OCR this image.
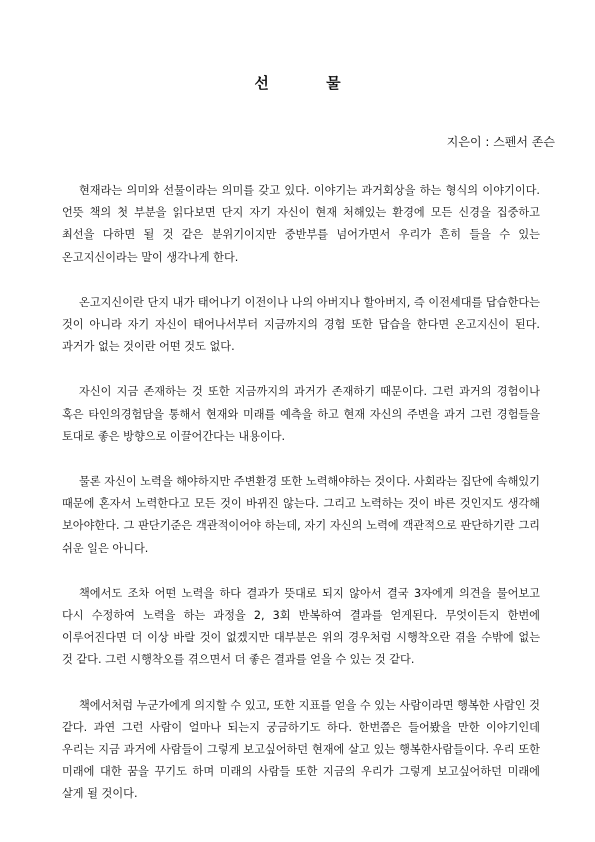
선 물

지은이 : 스펜서 존슨

현재라는 의미와 선물이라는 의미를 갖고 있다. 이야기는 과거회상을 하는 형식의 이야기이다. 언뜻 책의 첫 부분을 읽다보면 단지 자기 자신이 현재 처해있는 환경에 모든 신경을 집중하고 최선을 다하면 될 것 같은 분위기이지만 중반부를 넘어가면서 우리가 흔히 들을 수 있는 온고지신이라는 말이 생각나게 한다.

온고지신이란 단지 내가 태어나기 이전이나 나의 아버지나 할아버지, 즉 이전세대를 답습한다는 것이 아니라 자기 자신이 태어나서부터 지금까지의 경험 또한 답습을 한다면 온고지신이 된다. 과거가 없는 것이란 어떤 것도 없다.

자신이 지금 존재하는 것 또한 지금까지의 과거가 존재하기 때문이다. 그런 과거의 경험이나 혹은 타인의경험담을 통해서 현재와 미래를 예측을 하고 현재 자신의 주변을 과거 그런 경험들을 토대로 좋은 방향으로 이끌어간다는 내용이다.

물론 자신이 노력을 해야하지만 주변환경 또한 노력해야하는 것이다. 사회라는 집단에 속해있기 때문에 혼자서 노력한다고 모든 것이 바뀌진 않는다. 그리고 노력하는 것이 바른 것인지도 생각해 보아야한다. 그 판단기준은 객관적이어야 하는데, 자기 자신의 노력에 객관적으로 판단하기란 그리 쉬운 일은 아니다.

책에서도 조차 어떤 노력을 하다 결과가 뜻대로 되지 않아서 결국 3자에게 의견을 물어보고 다시 수정하여 노력을 하는 과정을 2, 3회 반복하여 결과를 얻게된다. 무엇이든지 한번에 이루어진다면 더 이상 바랄 것이 없겠지만 대부분은 위의 경우처럼 시행착오란 겪을 수밖에 없는 것 같다. 그런 시행착오를 겪으면서 더 좋은 결과를 얻을 수 있는 것 같다.

책에서처럼 누군가에게 의지할 수 있고, 또한 지표를 얻을 수 있는 사람이라면 행복한 사람인 것 같다. 과연 그런 사람이 얼마나 되는지 궁금하기도 하다. 한번쯤은 들어봤을 만한 이야기인데 우리는 지금 과거에 사람들이 그렇게 보고싶어하던 현재에 살고 있는 행복한사람들이다. 우리 또한 미래에 대한 꿈을 꾸기도 하며 미래의 사람들 또한 지금의 우리가 그렇게 보고싶어하던 미래에 살게 될 것이다.
